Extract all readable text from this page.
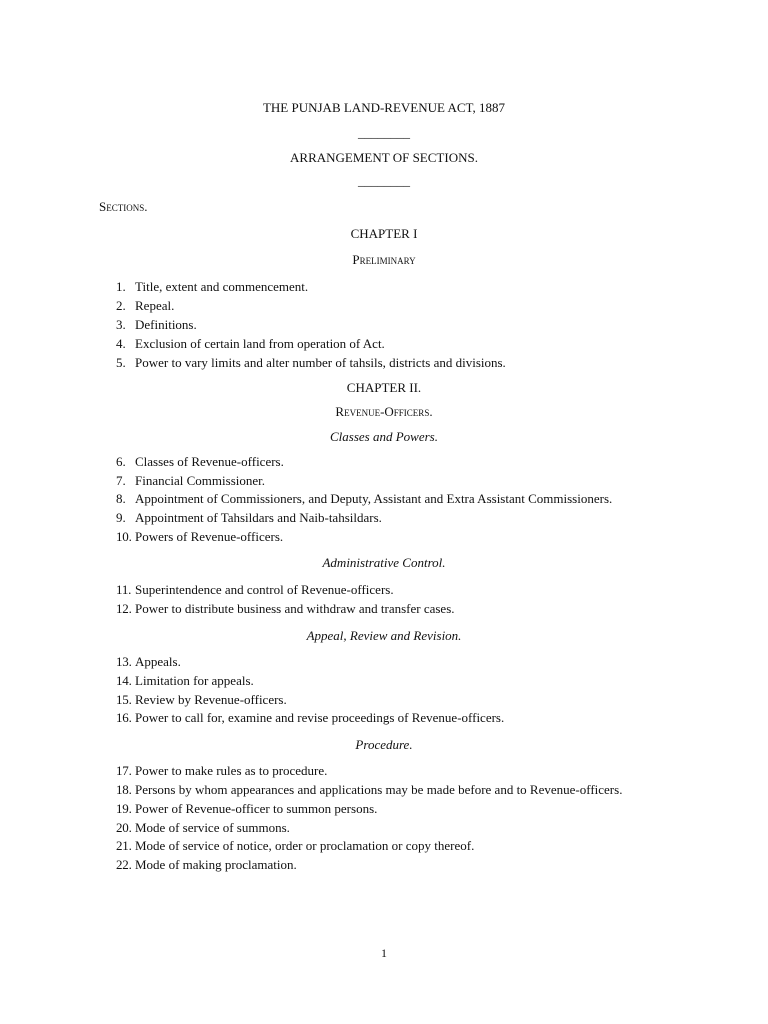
THE PUNJAB LAND-REVENUE ACT, 1887
________
ARRANGEMENT OF SECTIONS.
________
Sections.
CHAPTER I
Preliminary
1. Title, extent and commencement.
2. Repeal.
3. Definitions.
4. Exclusion of certain land from operation of Act.
5. Power to vary limits and alter number of tahsils, districts and divisions.
CHAPTER II.
Revenue-Officers.
Classes and Powers.
6. Classes of Revenue-officers.
7. Financial Commissioner.
8. Appointment of Commissioners, and Deputy, Assistant and Extra Assistant Commissioners.
9. Appointment of Tahsildars and Naib-tahsildars.
10. Powers of Revenue-officers.
Administrative Control.
11. Superintendence and control of Revenue-officers.
12. Power to distribute business and withdraw and transfer cases.
Appeal, Review and Revision.
13. Appeals.
14. Limitation for appeals.
15. Review by Revenue-officers.
16. Power to call for, examine and revise proceedings of Revenue-officers.
Procedure.
17. Power to make rules as to procedure.
18. Persons by whom appearances and applications may be made before and to Revenue-officers.
19. Power of Revenue-officer to summon persons.
20. Mode of service of summons.
21. Mode of service of notice, order or proclamation or copy thereof.
22. Mode of making proclamation.
1
